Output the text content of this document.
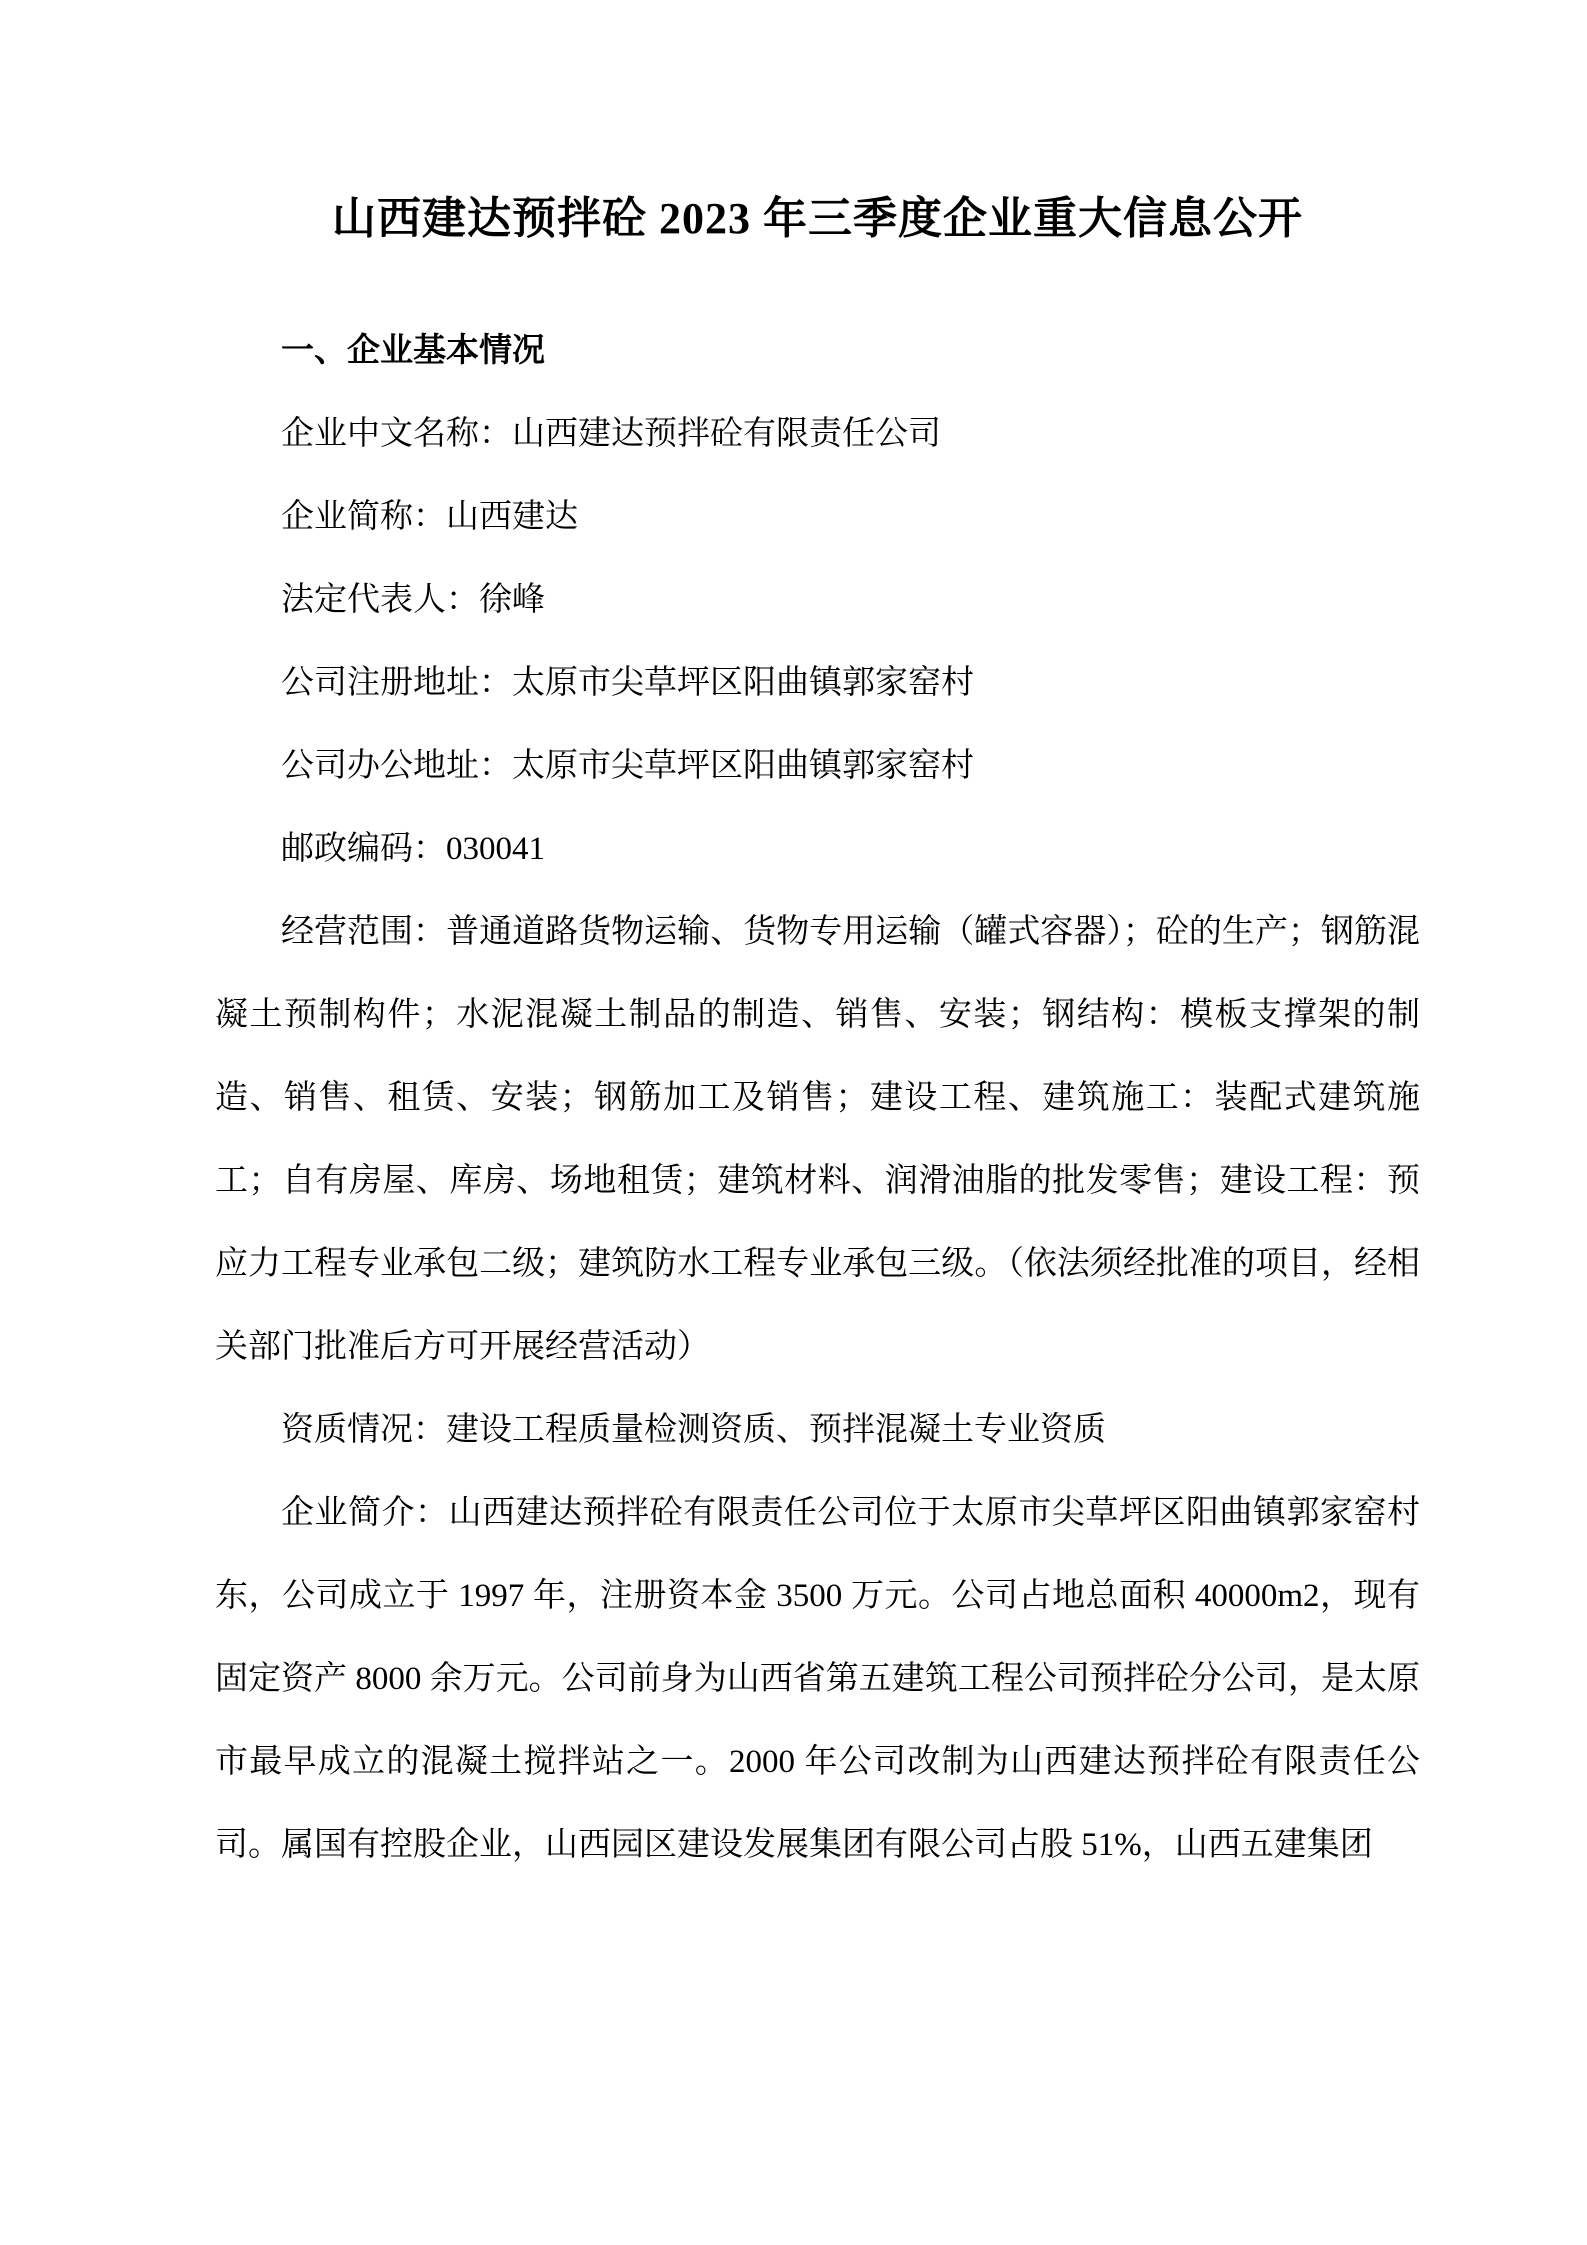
山西建达预拌砼 2023 年三季度企业重大信息公开
一、企业基本情况

企业中文名称：山西建达预拌砼有限责任公司

企业简称：山西建达

法定代表人：徐峰

公司注册地址：太原市尖草坪区阳曲镇郭家窑村

公司办公地址：太原市尖草坪区阳曲镇郭家窑村

邮政编码：030041

经营范围：普通道路货物运输、货物专用运输（罐式容器）；砼的生产；钢筋混凝土预制构件；水泥混凝土制品的制造、销售、安装；钢结构：模板支撑架的制造、销售、租赁、安装；钢筋加工及销售；建设工程、建筑施工：装配式建筑施工；自有房屋、库房、场地租赁；建筑材料、润滑油脂的批发零售；建设工程：预应力工程专业承包二级；建筑防水工程专业承包三级。（依法须经批准的项目，经相关部门批准后方可开展经营活动）

资质情况：建设工程质量检测资质、预拌混凝土专业资质

企业简介：山西建达预拌砼有限责任公司位于太原市尖草坪区阳曲镇郭家窑村东，公司成立于 1997 年，注册资本金 3500 万元。公司占地总面积 40000m2，现有固定资产 8000 余万元。公司前身为山西省第五建筑工程公司预拌砼分公司，是太原市最早成立的混凝土搅拌站之一。2000 年公司改制为山西建达预拌砼有限责任公司。属国有控股企业，山西园区建设发展集团有限公司占股 51%，山西五建集团
